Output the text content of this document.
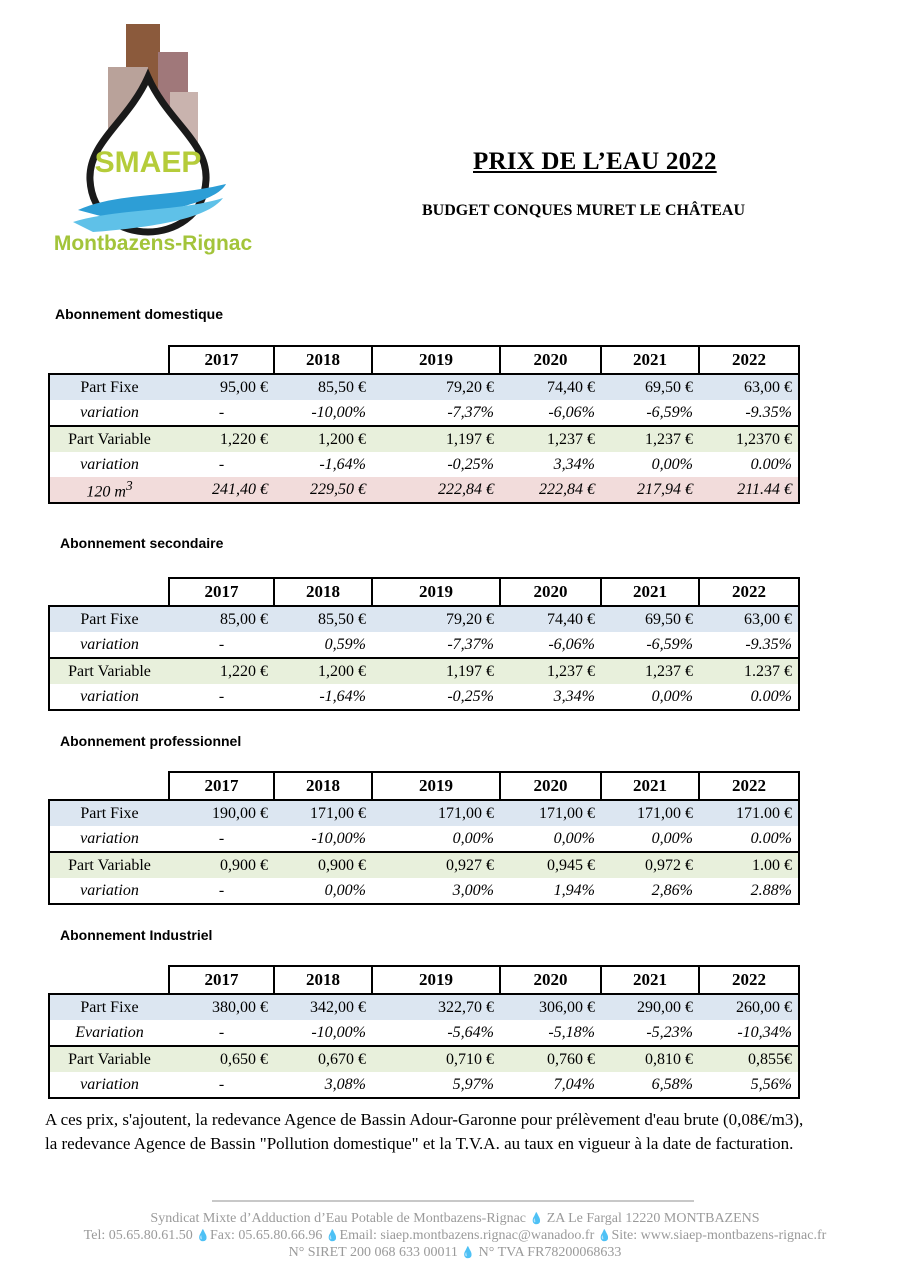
SMAEP
Montbazens-Rignac
PRIX DE L’EAU 2022
BUDGET CONQUES MURET LE CHÂTEAU
Abonnement domestique
Abonnement secondaire
Abonnement professionnel
Abonnement Industriel
	2017	2018	2019	2020	2021	2022
Part Fixe	95,00 €	85,50 €	79,20 €	74,40 €	69,50 €	63,00 €
variation	-	-10,00%	-7,37%	-6,06%	-6,59%	-9.35%
Part Variable	1,220 €	1,200 €	1,197 €	1,237 €	1,237 €	1,2370 €
variation	-	-1,64%	-0,25%	3,34%	0,00%	0.00%
120 $m^3$	241,40 €	229,50 €	222,84 €	222,84 €	217,94 €	211.44 €
	2017	2018	2019	2020	2021	2022
Part Fixe	85,00 €	85,50 €	79,20 €	74,40 €	69,50 €	63,00 €
variation	-	0,59%	-7,37%	-6,06%	-6,59%	-9.35%
Part Variable	1,220 €	1,200 €	1,197 €	1,237 €	1,237 €	1.237 €
variation	-	-1,64%	-0,25%	3,34%	0,00%	0.00%
	2017	2018	2019	2020	2021	2022
Part Fixe	190,00 €	171,00 €	171,00 €	171,00 €	171,00 €	171.00 €
variation	-	-10,00%	0,00%	0,00%	0,00%	0.00%
Part Variable	0,900 €	0,900 €	0,927 €	0,945 €	0,972 €	1.00 €
variation	-	0,00%	3,00%	1,94%	2,86%	2.88%
	2017	2018	2019	2020	2021	2022
Part Fixe	380,00 €	342,00 €	322,70 €	306,00 €	290,00 €	260,00 €
Evariation	-	-10,00%	-5,64%	-5,18%	-5,23%	-10,34%
Part Variable	0,650 €	0,670 €	0,710 €	0,760 €	0,810 €	0,855€
variation	-	3,08%	5,97%	7,04%	6,58%	5,56%
A ces prix, s'ajoutent, la redevance Agence de Bassin Adour-Garonne pour prélèvement d'eau brute (0,08€/m3), la redevance Agence de Bassin "Pollution domestique" et la T.V.A. au taux en vigueur à la date de facturation.
Syndicat Mixte d’Adduction d’Eau Potable de Montbazens-Rignac 💧 ZA Le Fargal 12220 MONTBAZENS
Tel: 05.65.80.61.50 💧Fax: 05.65.80.66.96 💧Email: siaep.montbazens.rignac@wanadoo.fr 💧Site: www.siaep-montbazens-rignac.fr
N° SIRET 200 068 633 00011 💧 N° TVA FR78200068633
